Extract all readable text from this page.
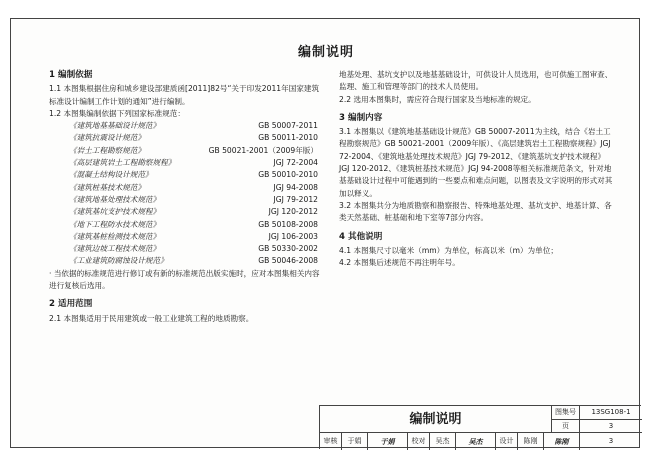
编制说明

1 编制依据

1.1 本图集根据住房和城乡建设部建质函[2011]82号“关于印发2011年国家建筑标准设计编制工作计划的通知”进行编制。

1.2 本图集编制依据下列国家标准规范：

《建筑地基基础设计规范》	GB 50007-2011
《建筑抗震设计规范》	GB 50011-2010
《岩土工程勘察规范》	GB 50021-2001（2009年版）
《高层建筑岩土工程勘察规程》	JGJ 72-2004
《混凝土结构设计规范》	GB 50010-2010
《建筑桩基技术规范》	JGJ 94-2008
《建筑地基处理技术规范》	JGJ 79-2012
《建筑基坑支护技术规程》	JGJ 120-2012
《地下工程防水技术规范》	GB 50108-2008
《建筑基桩检测技术规范》	JGJ 106-2003
《建筑边坡工程技术规范》	GB 50330-2002
《工业建筑防腐蚀设计规范》	GB 50046-2008

· 当依据的标准规范进行修订或有新的标准规范出版实施时，应对本图集相关内容进行复核后选用。

2 适用范围

2.1 本图集适用于民用建筑或一般工业建筑工程的地质勘察。

地基处理、基坑支护以及地基基础设计，可供设计人员选用，也可供施工图审查、监理、施工和管理等部门的技术人员使用。

2.2 选用本图集时，需应符合现行国家及当地标准的规定。

3 编制内容

3.1 本图集以《建筑地基基础设计规范》GB 50007-2011为主线，结合《岩土工程勘察规范》GB 50021-2001（2009年版）、《高层建筑岩土工程勘察规程》JGJ 72-2004、《建筑地基处理技术规范》JGJ 79-2012、《建筑基坑支护技术规程》JGJ 120-2012、《建筑桩基技术规范》JGJ 94-2008等相关标准规范条文，针对地基基础设计过程中可能遇到的一些要点和难点问题，以图表及文字说明的形式对其加以释义。

3.2 本图集共分为地质勘察和勘察报告、特殊地基处理、基坑支护、地基计算、各类天然基础、桩基础和地下室等7部分内容。

4 其他说明

4.1 本图集尺寸以毫米（mm）为单位，标高以米（m）为单位；

4.2 本图集后述规范不再注明年号。

编制说明	图集号	13SG108-1
页	3
审核	于娟	于娟	校对	吴杰	吴杰	设计	陈刚	陈刚	3
